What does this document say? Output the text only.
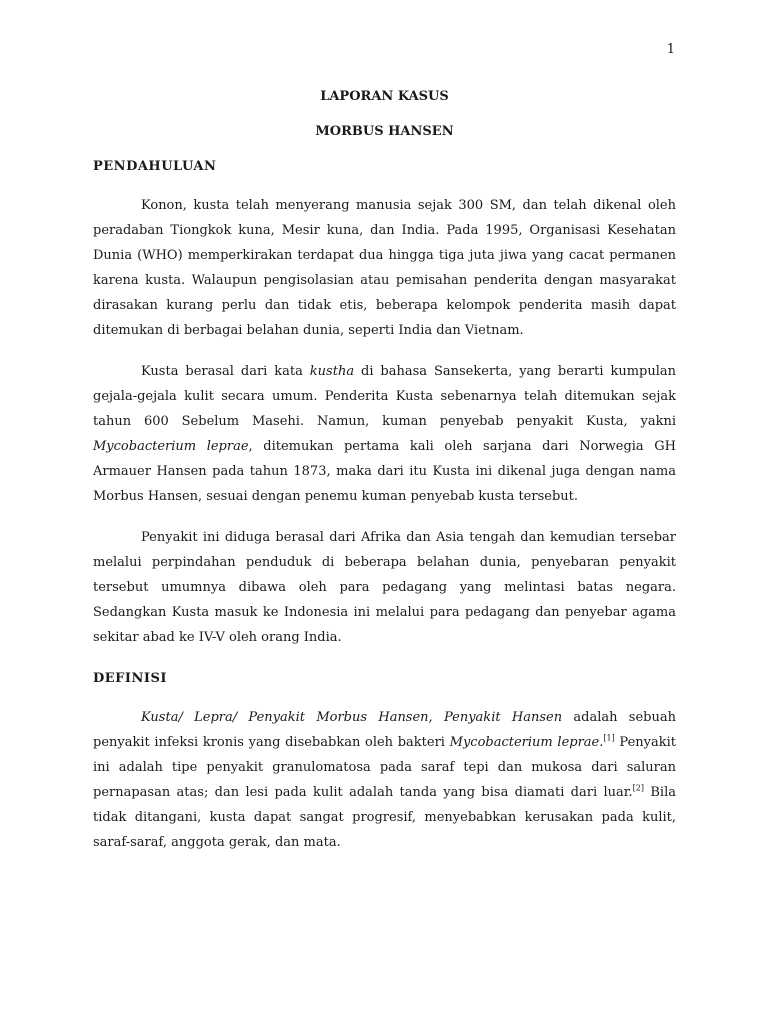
1
LAPORAN KASUS
MORBUS HANSEN
PENDAHULUAN

Konon, kusta telah menyerang manusia sejak 300 SM, dan telah dikenal oleh peradaban Tiongkok kuna, Mesir kuna, dan India. Pada 1995, Organisasi Kesehatan Dunia (WHO) memperkirakan terdapat dua hingga tiga juta jiwa yang cacat permanen karena kusta. Walaupun pengisolasian atau pemisahan penderita dengan masyarakat dirasakan kurang perlu dan tidak etis, beberapa kelompok penderita masih dapat ditemukan di berbagai belahan dunia, seperti India dan Vietnam.

Kusta berasal dari kata kustha di bahasa Sansekerta, yang berarti kumpulan gejala-gejala kulit secara umum. Penderita Kusta sebenarnya telah ditemukan sejak tahun 600 Sebelum Masehi. Namun, kuman penyebab penyakit Kusta, yakni Mycobacterium leprae, ditemukan pertama kali oleh sarjana dari Norwegia GH Armauer Hansen pada tahun 1873, maka dari itu Kusta ini dikenal juga dengan nama Morbus Hansen, sesuai dengan penemu kuman penyebab kusta tersebut.

Penyakit ini diduga berasal dari Afrika dan Asia tengah dan kemudian tersebar melalui perpindahan penduduk di beberapa belahan dunia, penyebaran penyakit tersebut umumnya dibawa oleh para pedagang yang melintasi batas negara. Sedangkan Kusta masuk ke Indonesia ini melalui para pedagang dan penyebar agama sekitar abad ke IV-V oleh orang India.

DEFINISI

Kusta/ Lepra/ Penyakit Morbus Hansen, Penyakit Hansen adalah sebuah penyakit infeksi kronis yang disebabkan oleh bakteri Mycobacterium leprae.[1] Penyakit ini adalah tipe penyakit granulomatosa pada saraf tepi dan mukosa dari saluran pernapasan atas; dan lesi pada kulit adalah tanda yang bisa diamati dari luar.[2] Bila tidak ditangani, kusta dapat sangat progresif, menyebabkan kerusakan pada kulit, saraf-saraf, anggota gerak, dan mata.
